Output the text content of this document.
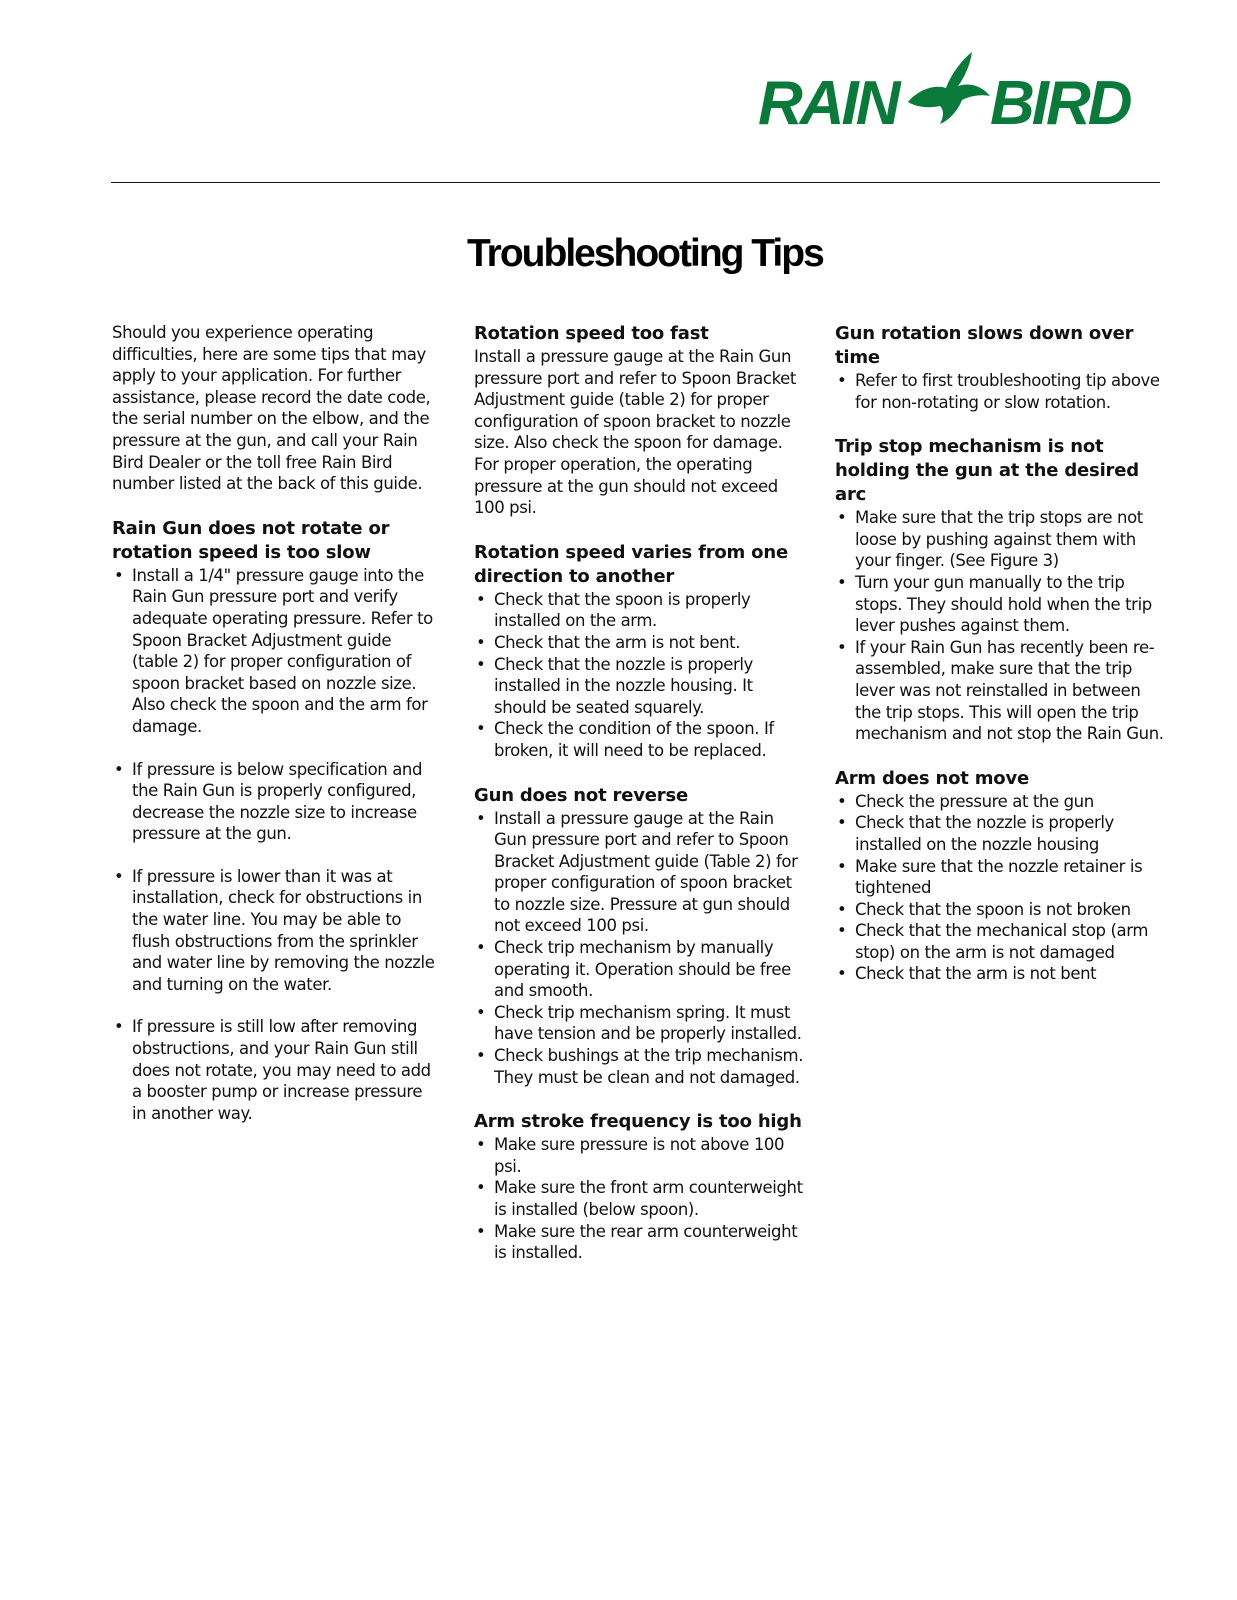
RAIN BIRD
Troubleshooting Tips

Should you experience operating difficulties, here are some tips that may apply to your application. For further assistance, please record the date code, the serial number on the elbow, and the pressure at the gun, and call your Rain Bird Dealer or the toll free Rain Bird number listed at the back of this guide.

Rain Gun does not rotate or rotation speed is too slow
• Install a 1/4" pressure gauge into the Rain Gun pressure port and verify adequate operating pressure. Refer to Spoon Bracket Adjustment guide (table 2) for proper configuration of spoon bracket based on nozzle size. Also check the spoon and the arm for damage.
• If pressure is below specification and the Rain Gun is properly configured, decrease the nozzle size to increase pressure at the gun.
• If pressure is lower than it was at installation, check for obstructions in the water line. You may be able to flush obstructions from the sprinkler and water line by removing the nozzle and turning on the water.
• If pressure is still low after removing obstructions, and your Rain Gun still does not rotate, you may need to add a booster pump or increase pressure in another way.
Rotation speed too fast

Install a pressure gauge at the Rain Gun pressure port and refer to Spoon Bracket Adjustment guide (table 2) for proper configuration of spoon bracket to nozzle size. Also check the spoon for damage. For proper operation, the operating pressure at the gun should not exceed 100 psi.

Rotation speed varies from one direction to another
• Check that the spoon is properly installed on the arm.
• Check that the arm is not bent.
• Check that the nozzle is properly installed in the nozzle housing. It should be seated squarely.
• Check the condition of the spoon. If broken, it will need to be replaced.
Gun does not reverse
• Install a pressure gauge at the Rain Gun pressure port and refer to Spoon Bracket Adjustment guide (Table 2) for proper configuration of spoon bracket to nozzle size. Pressure at gun should not exceed 100 psi.
• Check trip mechanism by manually operating it. Operation should be free and smooth.
• Check trip mechanism spring. It must have tension and be properly installed.
• Check bushings at the trip mechanism. They must be clean and not damaged.
Arm stroke frequency is too high
• Make sure pressure is not above 100 psi.
• Make sure the front arm counterweight is installed (below spoon).
• Make sure the rear arm counterweight is installed.
Gun rotation slows down over time
• Refer to first troubleshooting tip above for non-rotating or slow rotation.
Trip stop mechanism is not holding the gun at the desired arc
• Make sure that the trip stops are not loose by pushing against them with your finger. (See Figure 3)
• Turn your gun manually to the trip stops. They should hold when the trip lever pushes against them.
• If your Rain Gun has recently been re-assembled, make sure that the trip lever was not reinstalled in between the trip stops. This will open the trip mechanism and not stop the Rain Gun.
Arm does not move
• Check the pressure at the gun
• Check that the nozzle is properly installed on the nozzle housing
• Make sure that the nozzle retainer is tightened
• Check that the spoon is not broken
• Check that the mechanical stop (arm stop) on the arm is not damaged
• Check that the arm is not bent
